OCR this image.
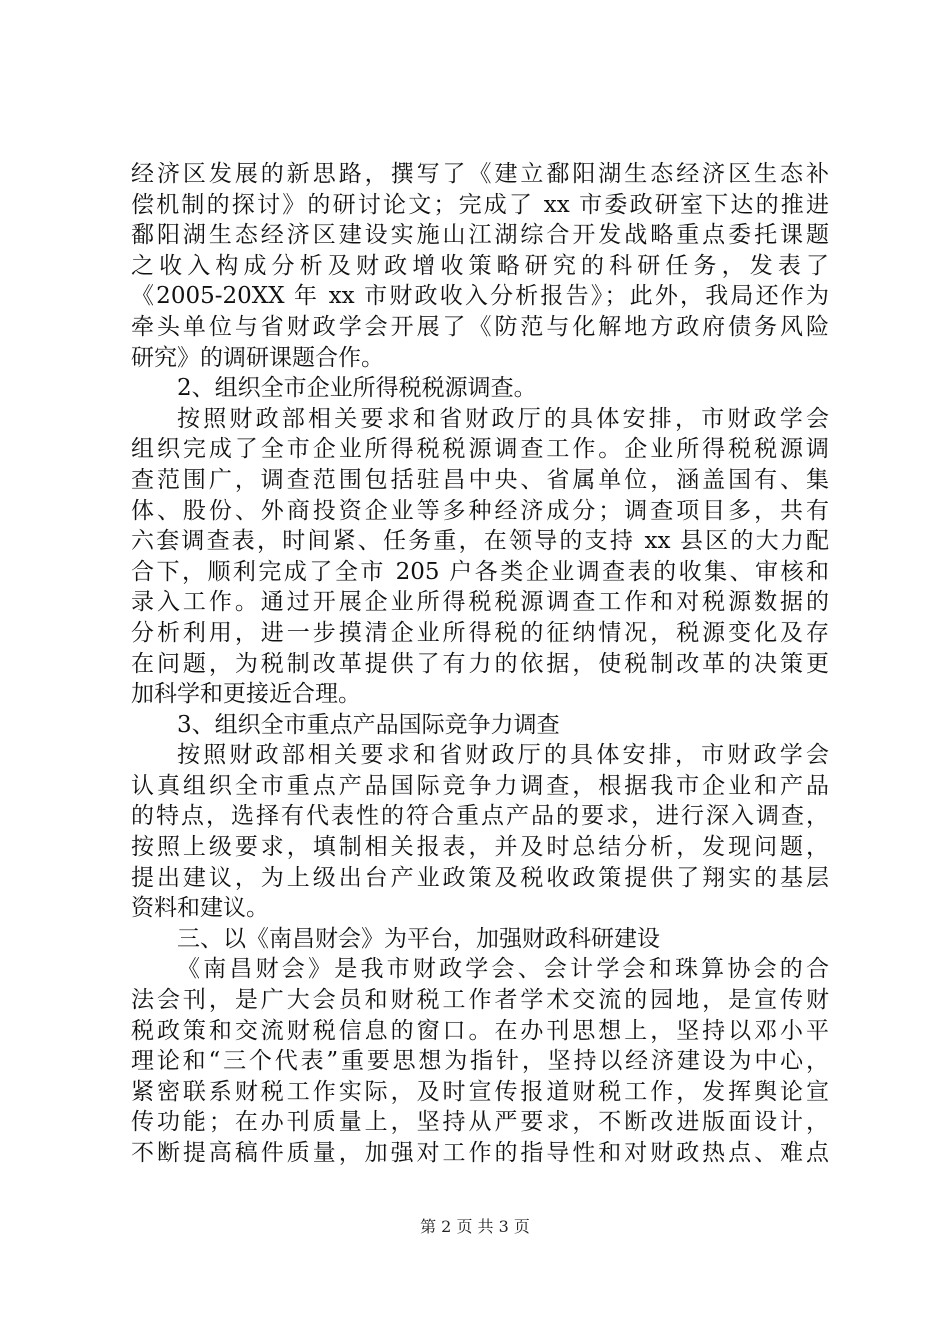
经济区发展的新思路，撰写了《建立鄱阳湖生态经济区生态补
偿机制的探讨》的研讨论文；完成了 xx 市委政研室下达的推进
鄱阳湖生态经济区建设实施山江湖综合开发战略重点委托课题
之收入构成分析及财政增收策略研究的科研任务，发表了
《2005-20XX 年 xx 市财政收入分析报告》；此外，我局还作为
牵头单位与省财政学会开展了《防范与化解地方政府债务风险
研究》的调研课题合作。
2、组织全市企业所得税税源调查。
按照财政部相关要求和省财政厅的具体安排，市财政学会
组织完成了全市企业所得税税源调查工作。企业所得税税源调
查范围广，调查范围包括驻昌中央、省属单位，涵盖国有、集
体、股份、外商投资企业等多种经济成分；调查项目多，共有
六套调查表，时间紧、任务重，在领导的支持 xx 县区的大力配
合下，顺利完成了全市 205 户各类企业调查表的收集、审核和
录入工作。通过开展企业所得税税源调查工作和对税源数据的
分析利用，进一步摸清企业所得税的征纳情况，税源变化及存
在问题，为税制改革提供了有力的依据，使税制改革的决策更
加科学和更接近合理。
3、组织全市重点产品国际竞争力调查
按照财政部相关要求和省财政厅的具体安排，市财政学会
认真组织全市重点产品国际竞争力调查，根据我市企业和产品
的特点，选择有代表性的符合重点产品的要求，进行深入调查，
按照上级要求，填制相关报表，并及时总结分析，发现问题，
提出建议，为上级出台产业政策及税收政策提供了翔实的基层
资料和建议。
三、以《南昌财会》为平台，加强财政科研建设
《南昌财会》是我市财政学会、会计学会和珠算协会的合
法会刊，是广大会员和财税工作者学术交流的园地，是宣传财
税政策和交流财税信息的窗口。在办刊思想上，坚持以邓小平
理论和“三个代表”重要思想为指针，坚持以经济建设为中心，
紧密联系财税工作实际，及时宣传报道财税工作，发挥舆论宣
传功能；在办刊质量上，坚持从严要求，不断改进版面设计，
不断提高稿件质量，加强对工作的指导性和对财政热点、难点
第 2 页 共 3 页
